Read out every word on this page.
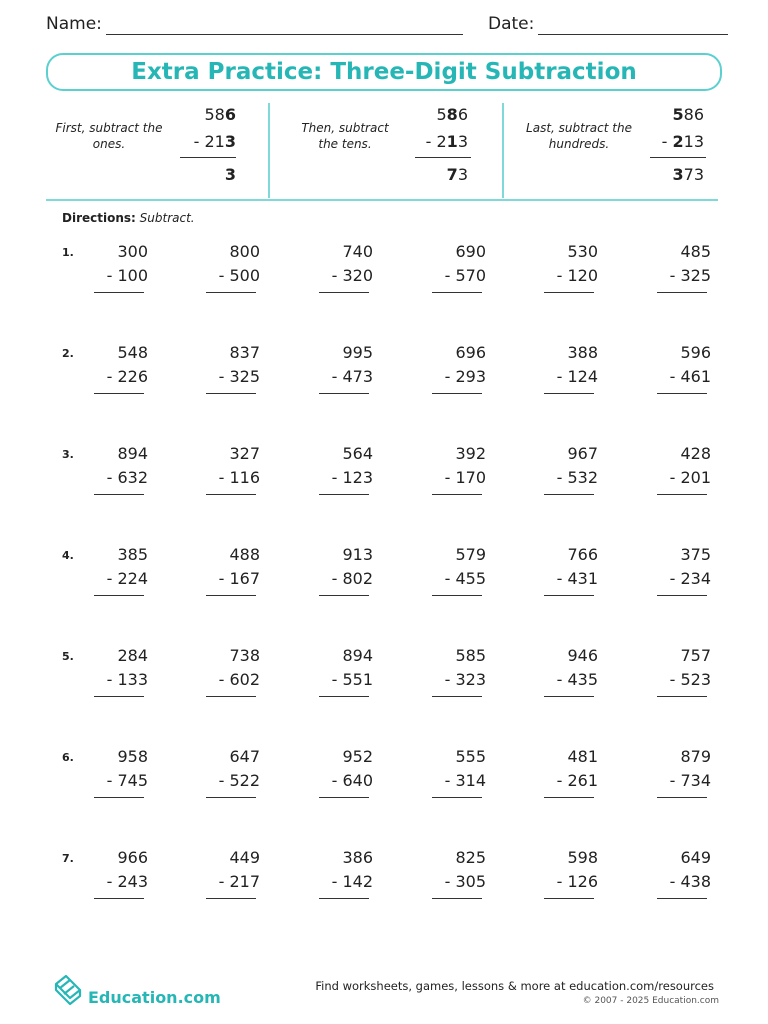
Name:	Date:
Extra Practice: Three-Digit Subtraction
First, subtract the ones.
586
- 213
3
Then, subtract the tens.
586
- 213
73
Last, subtract the hundreds.
586
- 213
373
Directions: Subtract.
1.	300
- 100
800
- 500
740
- 320
690
- 570
530
- 120
485
- 325
2.	548
- 226
837
- 325
995
- 473
696
- 293
388
- 124
596
- 461
3.	894
- 632
327
- 116
564
- 123
392
- 170
967
- 532
428
- 201
4.	385
- 224
488
- 167
913
- 802
579
- 455
766
- 431
375
- 234
5.	284
- 133
738
- 602
894
- 551
585
- 323
946
- 435
757
- 523
6.	958
- 745
647
- 522
952
- 640
555
- 314
481
- 261
879
- 734
7.	966
- 243
449
- 217
386
- 142
825
- 305
598
- 126
649
- 438
Education.com
Find worksheets, games, lessons & more at education.com/resources
© 2007 - 2025 Education.com
